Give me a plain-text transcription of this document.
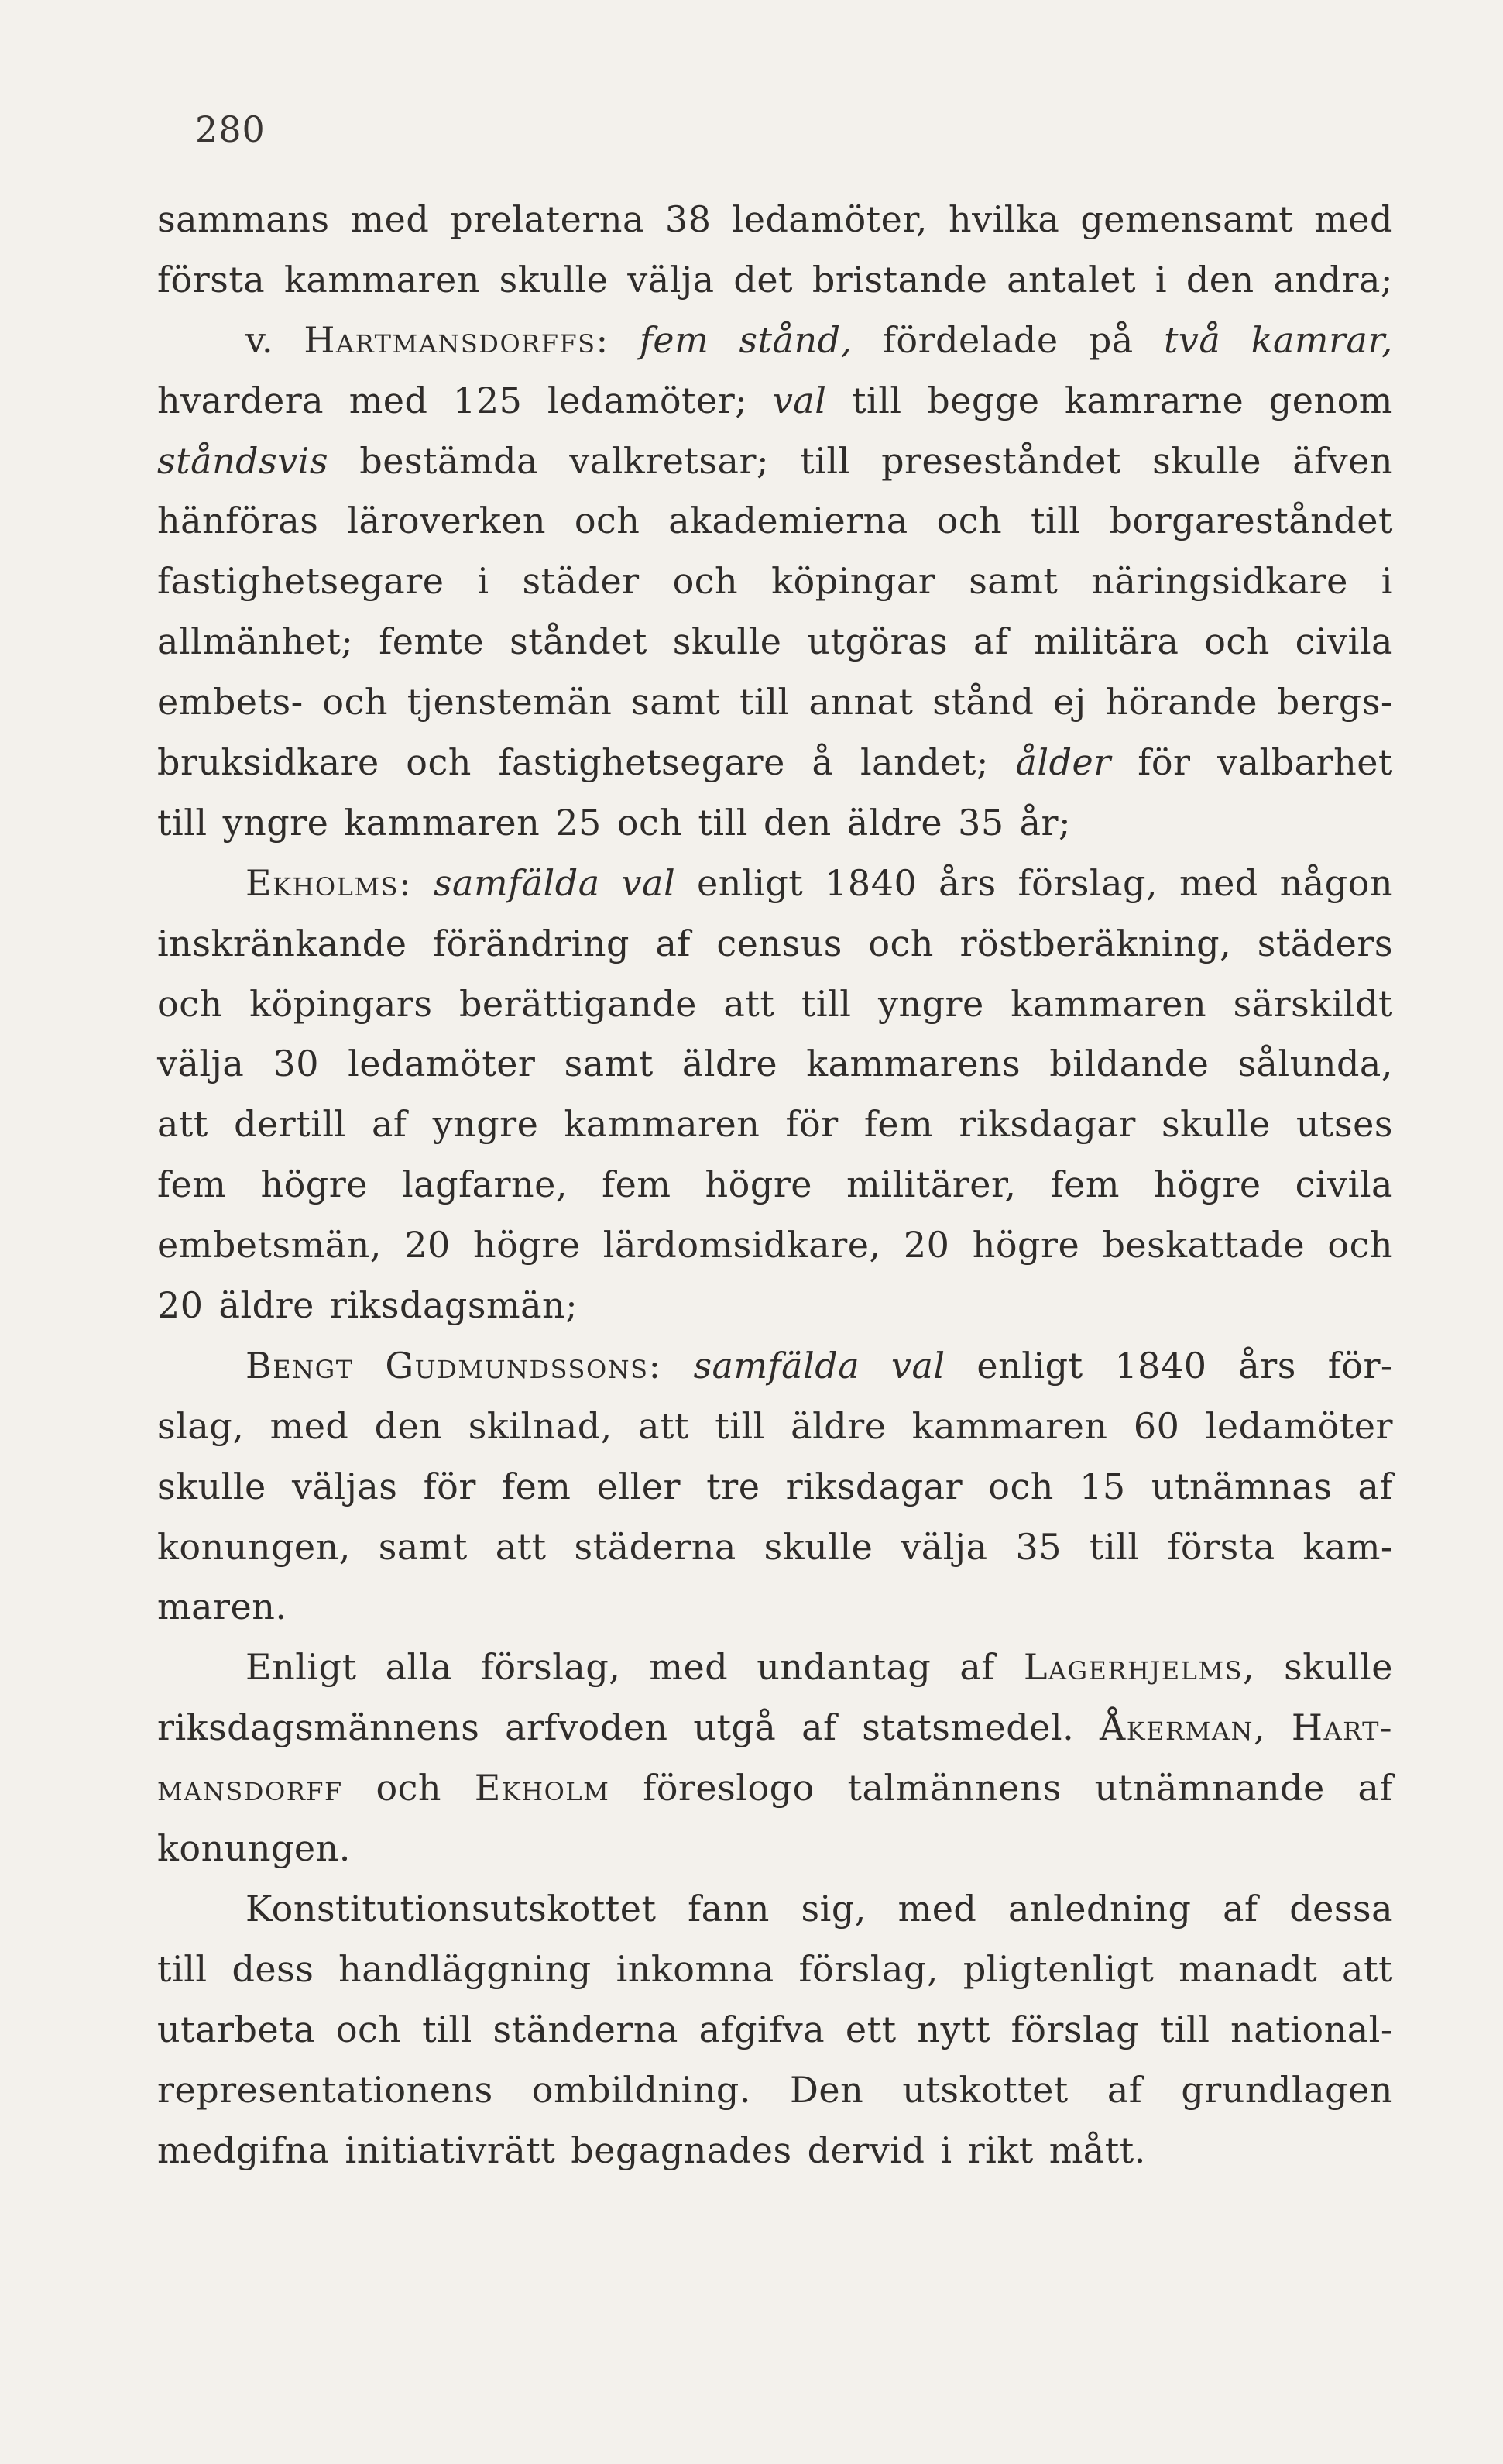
280
sammans med prelaterna 38 ledamöter, hvilka gemensamt med
första kammaren skulle välja det bristande antalet i den andra;
v. Hartmansdorffs: fem stånd, fördelade på två kamrar,
hvardera med 125 ledamöter; val till begge kamrarne genom
ståndsvis bestämda valkretsar; till preseståndet skulle äfven
hänföras läroverken och akademierna och till borgareståndet
fastighetsegare i städer och köpingar samt näringsidkare i
allmänhet; femte ståndet skulle utgöras af militära och civila
embets- och tjenstemän samt till annat stånd ej hörande bergs-
bruksidkare och fastighetsegare å landet; ålder för valbarhet
till yngre kammaren 25 och till den äldre 35 år;
Ekholms: samfälda val enligt 1840 års förslag, med någon
inskränkande förändring af census och röstberäkning, städers
och köpingars berättigande att till yngre kammaren särskildt
välja 30 ledamöter samt äldre kammarens bildande sålunda,
att dertill af yngre kammaren för fem riksdagar skulle utses
fem högre lagfarne, fem högre militärer, fem högre civila
embetsmän, 20 högre lärdomsidkare, 20 högre beskattade och
20 äldre riksdagsmän;
Bengt Gudmundssons: samfälda val enligt 1840 års för-
slag, med den skilnad, att till äldre kammaren 60 ledamöter
skulle väljas för fem eller tre riksdagar och 15 utnämnas af
konungen, samt att städerna skulle välja 35 till första kam-
maren.
Enligt alla förslag, med undantag af Lagerhjelms, skulle
riksdagsmännens arfvoden utgå af statsmedel. Åkerman, Hart-
mansdorff och Ekholm föreslogo talmännens utnämnande af
konungen.
Konstitutionsutskottet fann sig, med anledning af dessa
till dess handläggning inkomna förslag, pligtenligt manadt att
utarbeta och till ständerna afgifva ett nytt förslag till national-
representationens ombildning. Den utskottet af grundlagen
medgifna initiativrätt begagnades dervid i rikt mått.
